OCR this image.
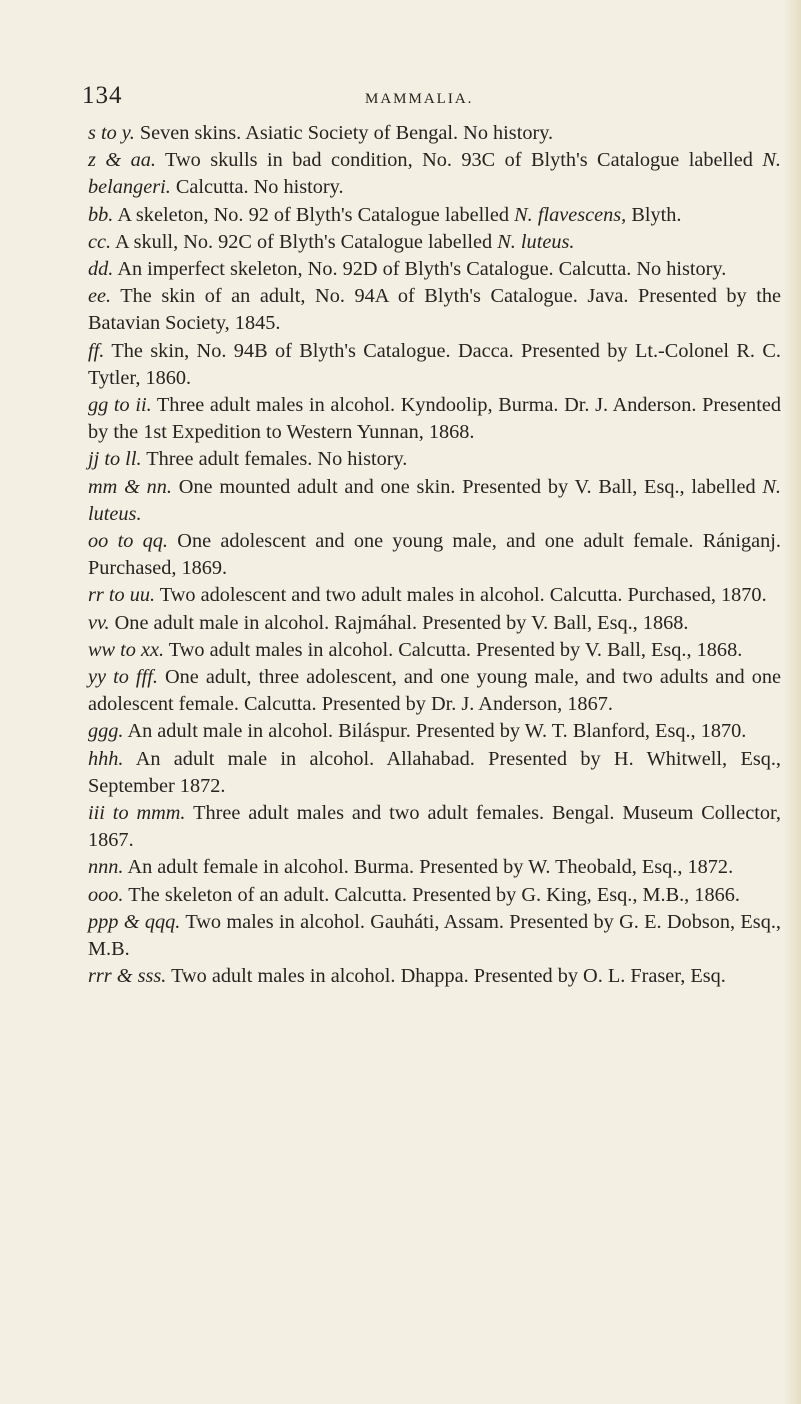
134	MAMMALIA.

s to y. Seven skins. Asiatic Society of Bengal. No history.

z & aa. Two skulls in bad condition, No. 93C of Blyth's Catalogue labelled N. belangeri. Calcutta. No history.

bb. A skeleton, No. 92 of Blyth's Catalogue labelled N. flavescens, Blyth.

cc. A skull, No. 92C of Blyth's Catalogue labelled N. luteus.

dd. An imperfect skeleton, No. 92D of Blyth's Catalogue. Calcutta. No history.

ee. The skin of an adult, No. 94A of Blyth's Catalogue. Java. Presented by the Batavian Society, 1845.

ff. The skin, No. 94B of Blyth's Catalogue. Dacca. Presented by Lt.-Colonel R. C. Tytler, 1860.

gg to ii. Three adult males in alcohol. Kyndoolip, Burma. Dr. J. Anderson. Presented by the 1st Expedition to Western Yunnan, 1868.

jj to ll. Three adult females. No history.

mm & nn. One mounted adult and one skin. Presented by V. Ball, Esq., labelled N. luteus.

oo to qq. One adolescent and one young male, and one adult female. Rániganj. Purchased, 1869.

rr to uu. Two adolescent and two adult males in alcohol. Calcutta. Purchased, 1870.

vv. One adult male in alcohol. Rajmáhal. Presented by V. Ball, Esq., 1868.

ww to xx. Two adult males in alcohol. Calcutta. Presented by V. Ball, Esq., 1868.

yy to fff. One adult, three adolescent, and one young male, and two adults and one adolescent female. Calcutta. Presented by Dr. J. Anderson, 1867.

ggg. An adult male in alcohol. Biláspur. Presented by W. T. Blanford, Esq., 1870.

hhh. An adult male in alcohol. Allahabad. Presented by H. Whitwell, Esq., September 1872.

iii to mmm. Three adult males and two adult females. Bengal. Museum Collector, 1867.

nnn. An adult female in alcohol. Burma. Presented by W. Theobald, Esq., 1872.

ooo. The skeleton of an adult. Calcutta. Presented by G. King, Esq., M.B., 1866.

ppp & qqq. Two males in alcohol. Gauháti, Assam. Presented by G. E. Dobson, Esq., M.B.

rrr & sss. Two adult males in alcohol. Dhappa. Presented by O. L. Fraser, Esq.
